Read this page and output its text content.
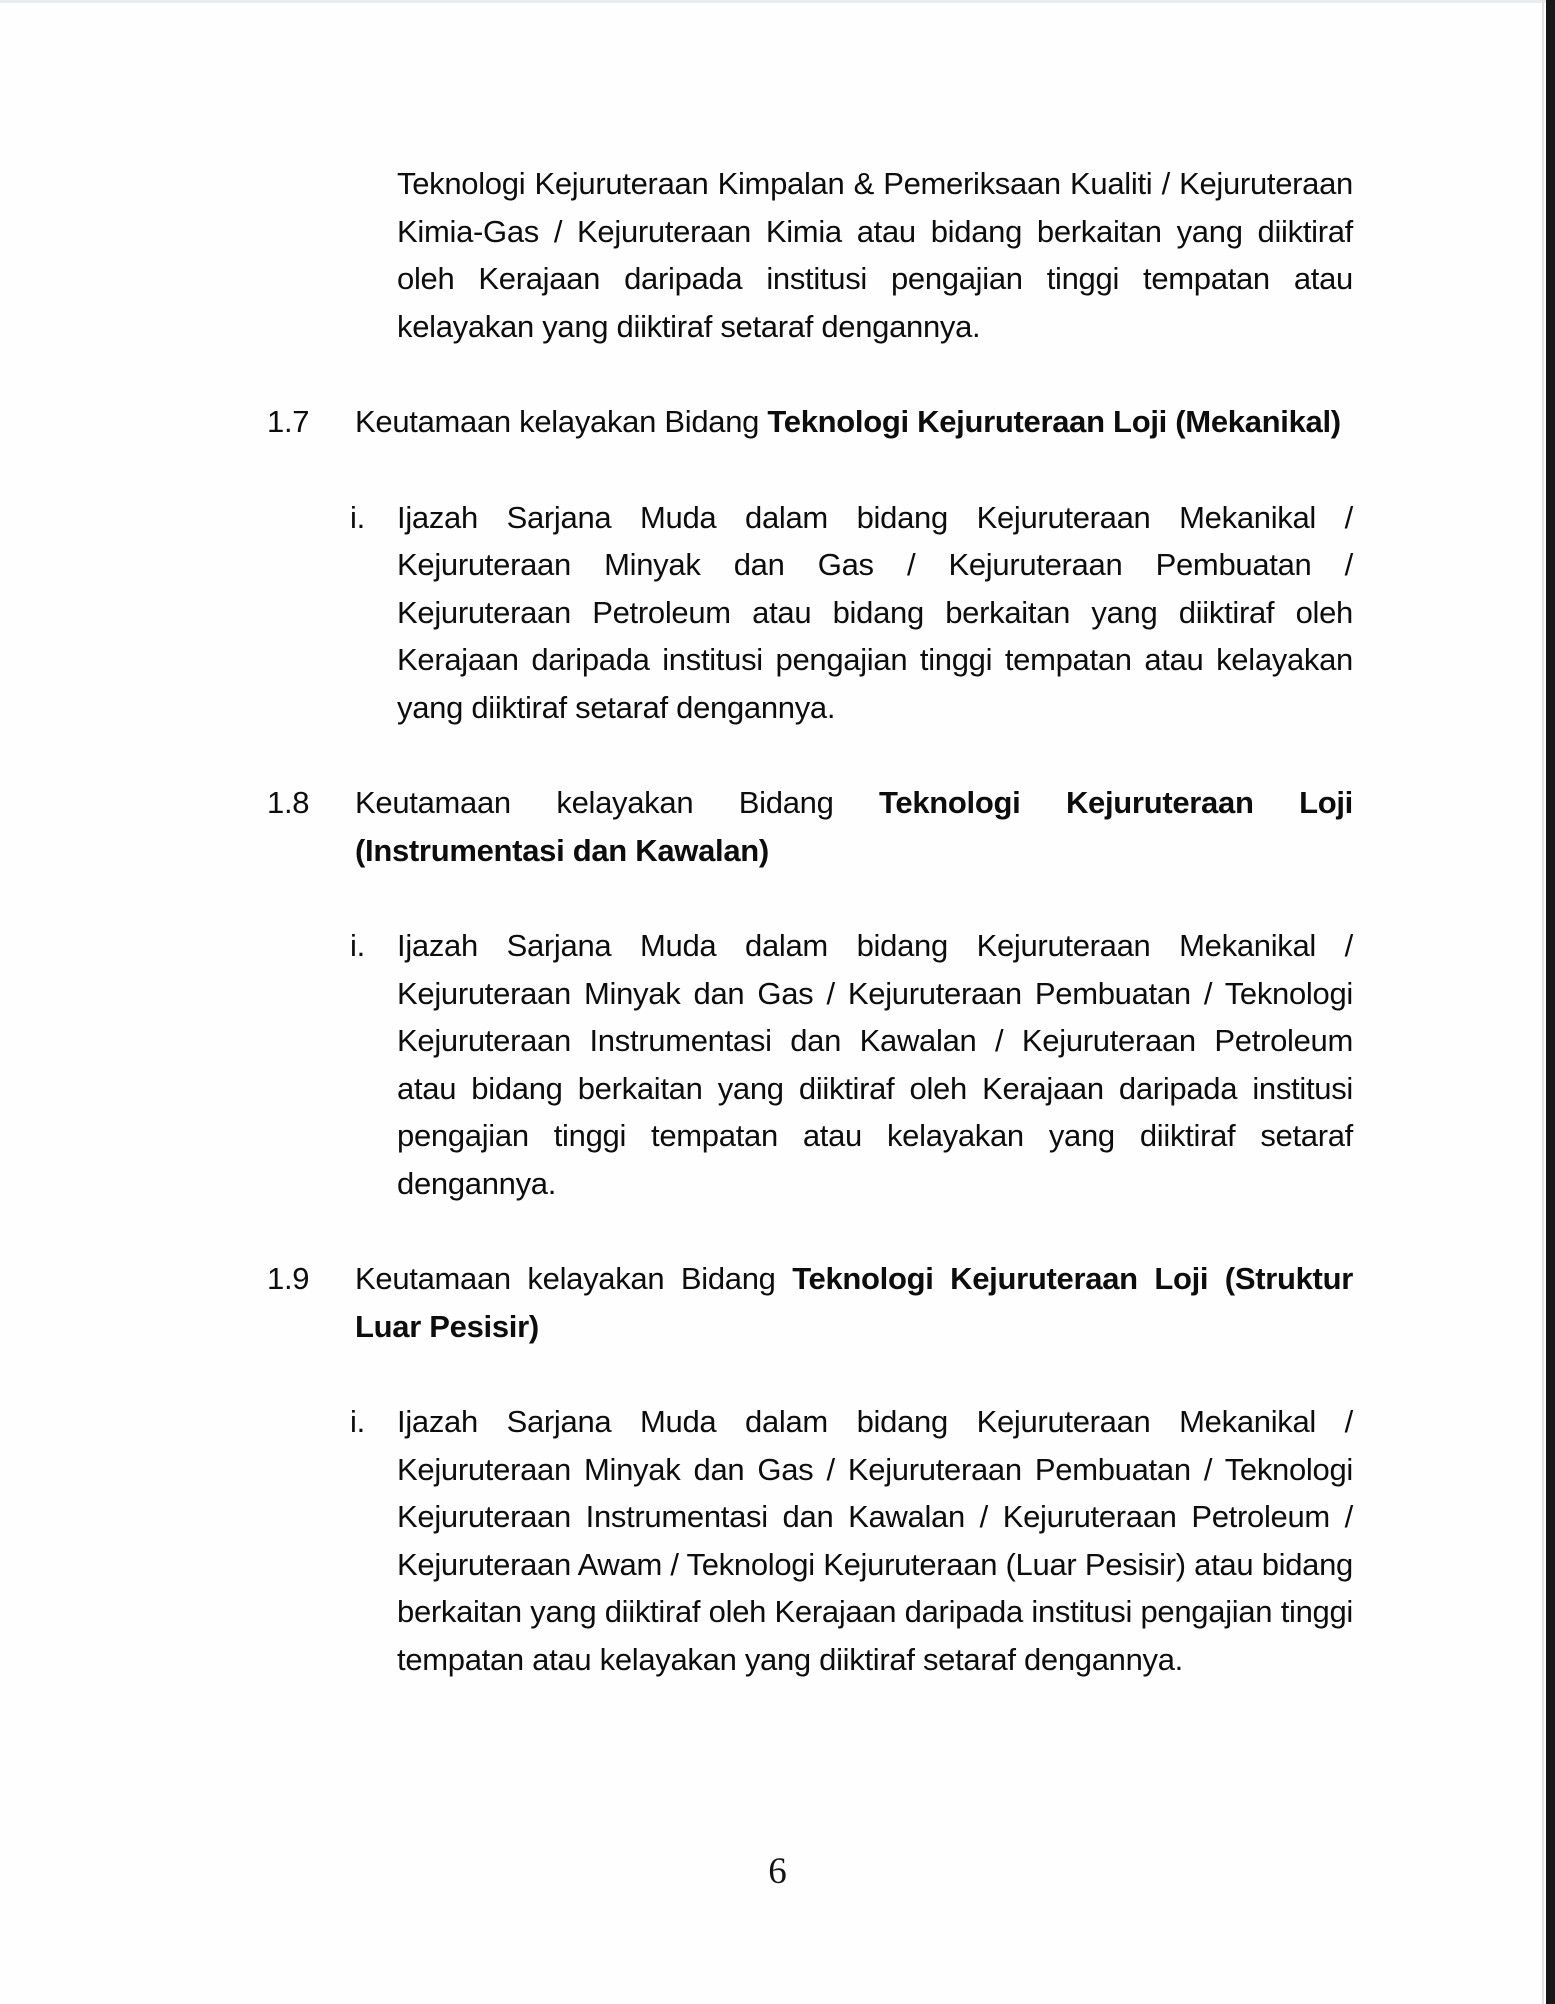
Teknologi Kejuruteraan Kimpalan & Pemeriksaan Kualiti / Kejuruteraan Kimia-Gas / Kejuruteraan Kimia atau bidang berkaitan yang diiktiraf oleh Kerajaan daripada institusi pengajian tinggi tempatan atau kelayakan yang diiktiraf setaraf dengannya.

1.7	Keutamaan kelayakan Bidang Teknologi Kejuruteraan Loji (Mekanikal)
i.	Ijazah Sarjana Muda dalam bidang Kejuruteraan Mekanikal / Kejuruteraan Minyak dan Gas / Kejuruteraan Pembuatan / Kejuruteraan Petroleum atau bidang berkaitan yang diiktiraf oleh Kerajaan daripada institusi pengajian tinggi tempatan atau kelayakan yang diiktiraf setaraf dengannya.
1.8	Keutamaan kelayakan Bidang Teknologi Kejuruteraan Loji (Instrumentasi dan Kawalan)
i.	Ijazah Sarjana Muda dalam bidang Kejuruteraan Mekanikal / Kejuruteraan Minyak dan Gas / Kejuruteraan Pembuatan / Teknologi Kejuruteraan Instrumentasi dan Kawalan / Kejuruteraan Petroleum atau bidang berkaitan yang diiktiraf oleh Kerajaan daripada institusi pengajian tinggi tempatan atau kelayakan yang diiktiraf setaraf dengannya.
1.9	Keutamaan kelayakan Bidang Teknologi Kejuruteraan Loji (Struktur Luar Pesisir)
i.	Ijazah Sarjana Muda dalam bidang Kejuruteraan Mekanikal / Kejuruteraan Minyak dan Gas / Kejuruteraan Pembuatan / Teknologi Kejuruteraan Instrumentasi dan Kawalan / Kejuruteraan Petroleum / Kejuruteraan Awam / Teknologi Kejuruteraan (Luar Pesisir) atau bidang berkaitan yang diiktiraf oleh Kerajaan daripada institusi pengajian tinggi tempatan atau kelayakan yang diiktiraf setaraf dengannya.
6
